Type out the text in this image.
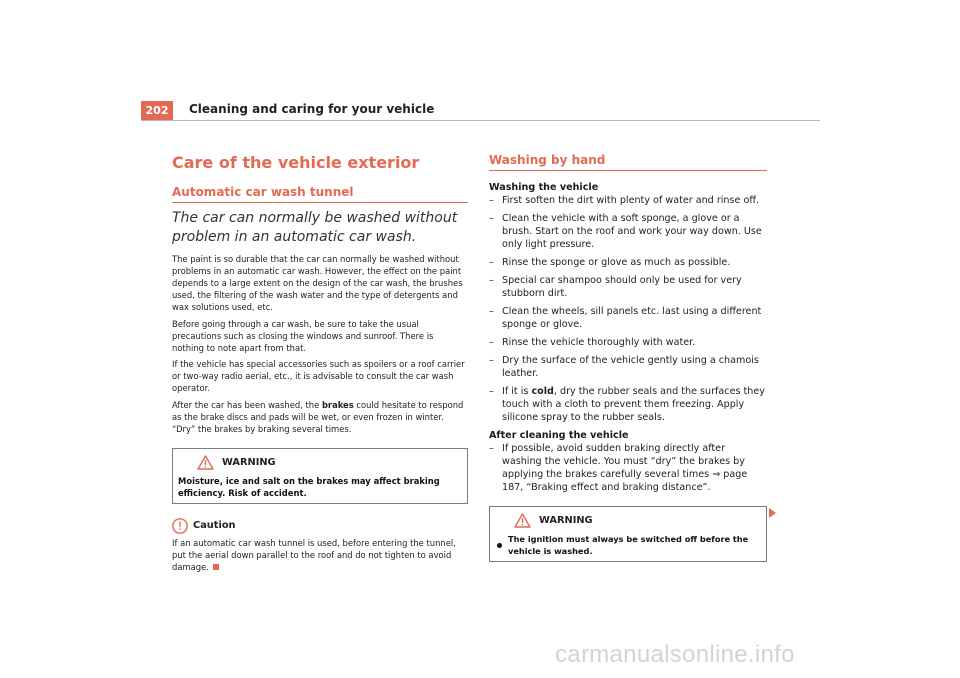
202	Cleaning and caring for your vehicle
Care of the vehicle exterior
Automatic car wash tunnel

The car can normally be washed without problem in an automatic car wash.

The paint is so durable that the car can normally be washed without problems in an automatic car wash. However, the effect on the paint depends to a large extent on the design of the car wash, the brushes used, the filtering of the wash water and the type of detergents and wax solutions used, etc.

Before going through a car wash, be sure to take the usual precautions such as closing the windows and sunroof. There is nothing to note apart from that.

If the vehicle has special accessories such as spoilers or a roof carrier or two-way radio aerial, etc., it is advisable to consult the car wash operator.

After the car has been washed, the brakes could hesitate to respond as the brake discs and pads will be wet, or even frozen in winter. “Dry” the brakes by braking several times.

WARNING
Moisture, ice and salt on the brakes may affect braking efficiency. Risk of accident.
Caution
If an automatic car wash tunnel is used, before entering the tunnel, put the aerial down parallel to the roof and do not tighten to avoid damage.
Washing by hand
Washing the vehicle
– First soften the dirt with plenty of water and rinse off.
– Clean the vehicle with a soft sponge, a glove or a brush. Start on the roof and work your way down. Use only light pressure.
– Rinse the sponge or glove as much as possible.
– Special car shampoo should only be used for very stubborn dirt.
– Clean the wheels, sill panels etc. last using a different sponge or glove.
– Rinse the vehicle thoroughly with water.
– Dry the surface of the vehicle gently using a chamois leather.
– If it is cold, dry the rubber seals and the surfaces they touch with a cloth to prevent them freezing. Apply silicone spray to the rubber seals.
After cleaning the vehicle
– If possible, avoid sudden braking directly after washing the vehicle. You must “dry” the brakes by applying the brakes carefully several times ⇒ page 187, “Braking effect and braking distance”.
WARNING
The ignition must always be switched off before the vehicle is washed.
carmanualsonline.info
